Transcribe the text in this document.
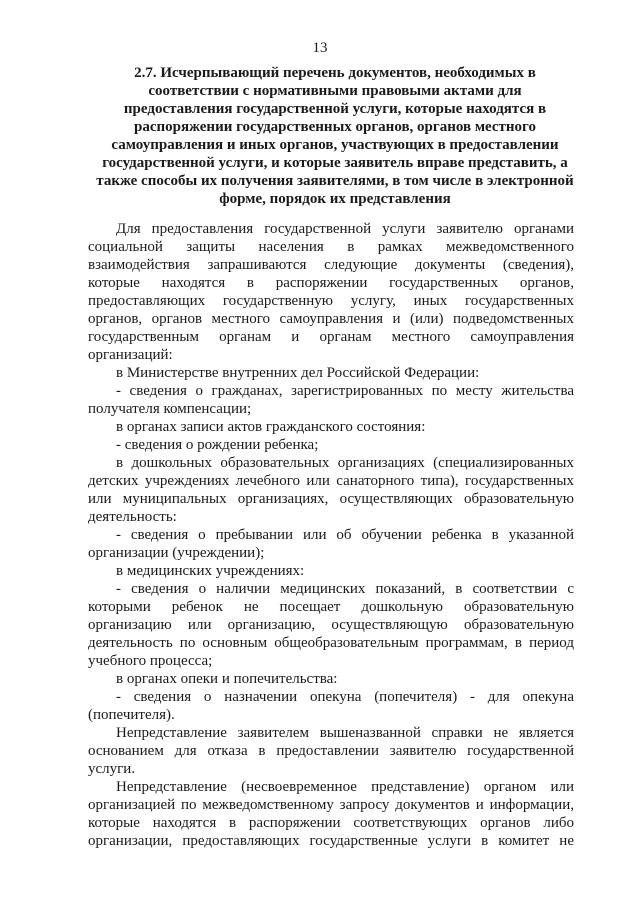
13
2.7. Исчерпывающий перечень документов, необходимых в
соответствии с нормативными правовыми актами для
предоставления государственной услуги, которые находятся в
распоряжении государственных органов, органов местного
самоуправления и иных органов, участвующих в предоставлении
государственной услуги, и которые заявитель вправе представить, а
также способы их получения заявителями, в том числе в электронной
форме, порядок их представления
Для предоставления государственной услуги заявителю органами
социальной защиты населения в рамках межведомственного
взаимодействия запрашиваются следующие документы (сведения),
которые находятся в распоряжении государственных органов,
предоставляющих государственную услугу, иных государственных
органов, органов местного самоуправления и (или) подведомственных
государственным органам и органам местного самоуправления
организаций:
в Министерстве внутренних дел Российской Федерации:
- сведения о гражданах, зарегистрированных по месту жительства
получателя компенсации;
в органах записи актов гражданского состояния:
- сведения о рождении ребенка;
в дошкольных образовательных организациях (специализированных
детских учреждениях лечебного или санаторного типа), государственных
или муниципальных организациях, осуществляющих образовательную
деятельность:
- сведения о пребывании или об обучении ребенка в указанной
организации (учреждении);
в медицинских учреждениях:
- сведения о наличии медицинских показаний, в соответствии с
которыми ребенок не посещает дошкольную образовательную
организацию или организацию, осуществляющую образовательную
деятельность по основным общеобразовательным программам, в период
учебного процесса;
в органах опеки и попечительства:
- сведения о назначении опекуна (попечителя) - для опекуна
(попечителя).
Непредставление заявителем вышеназванной справки не является
основанием для отказа в предоставлении заявителю государственной
услуги.
Непредставление (несвоевременное представление) органом или
организацией по межведомственному запросу документов и информации,
которые находятся в распоряжении соответствующих органов либо
организации, предоставляющих государственные услуги в комитет не
